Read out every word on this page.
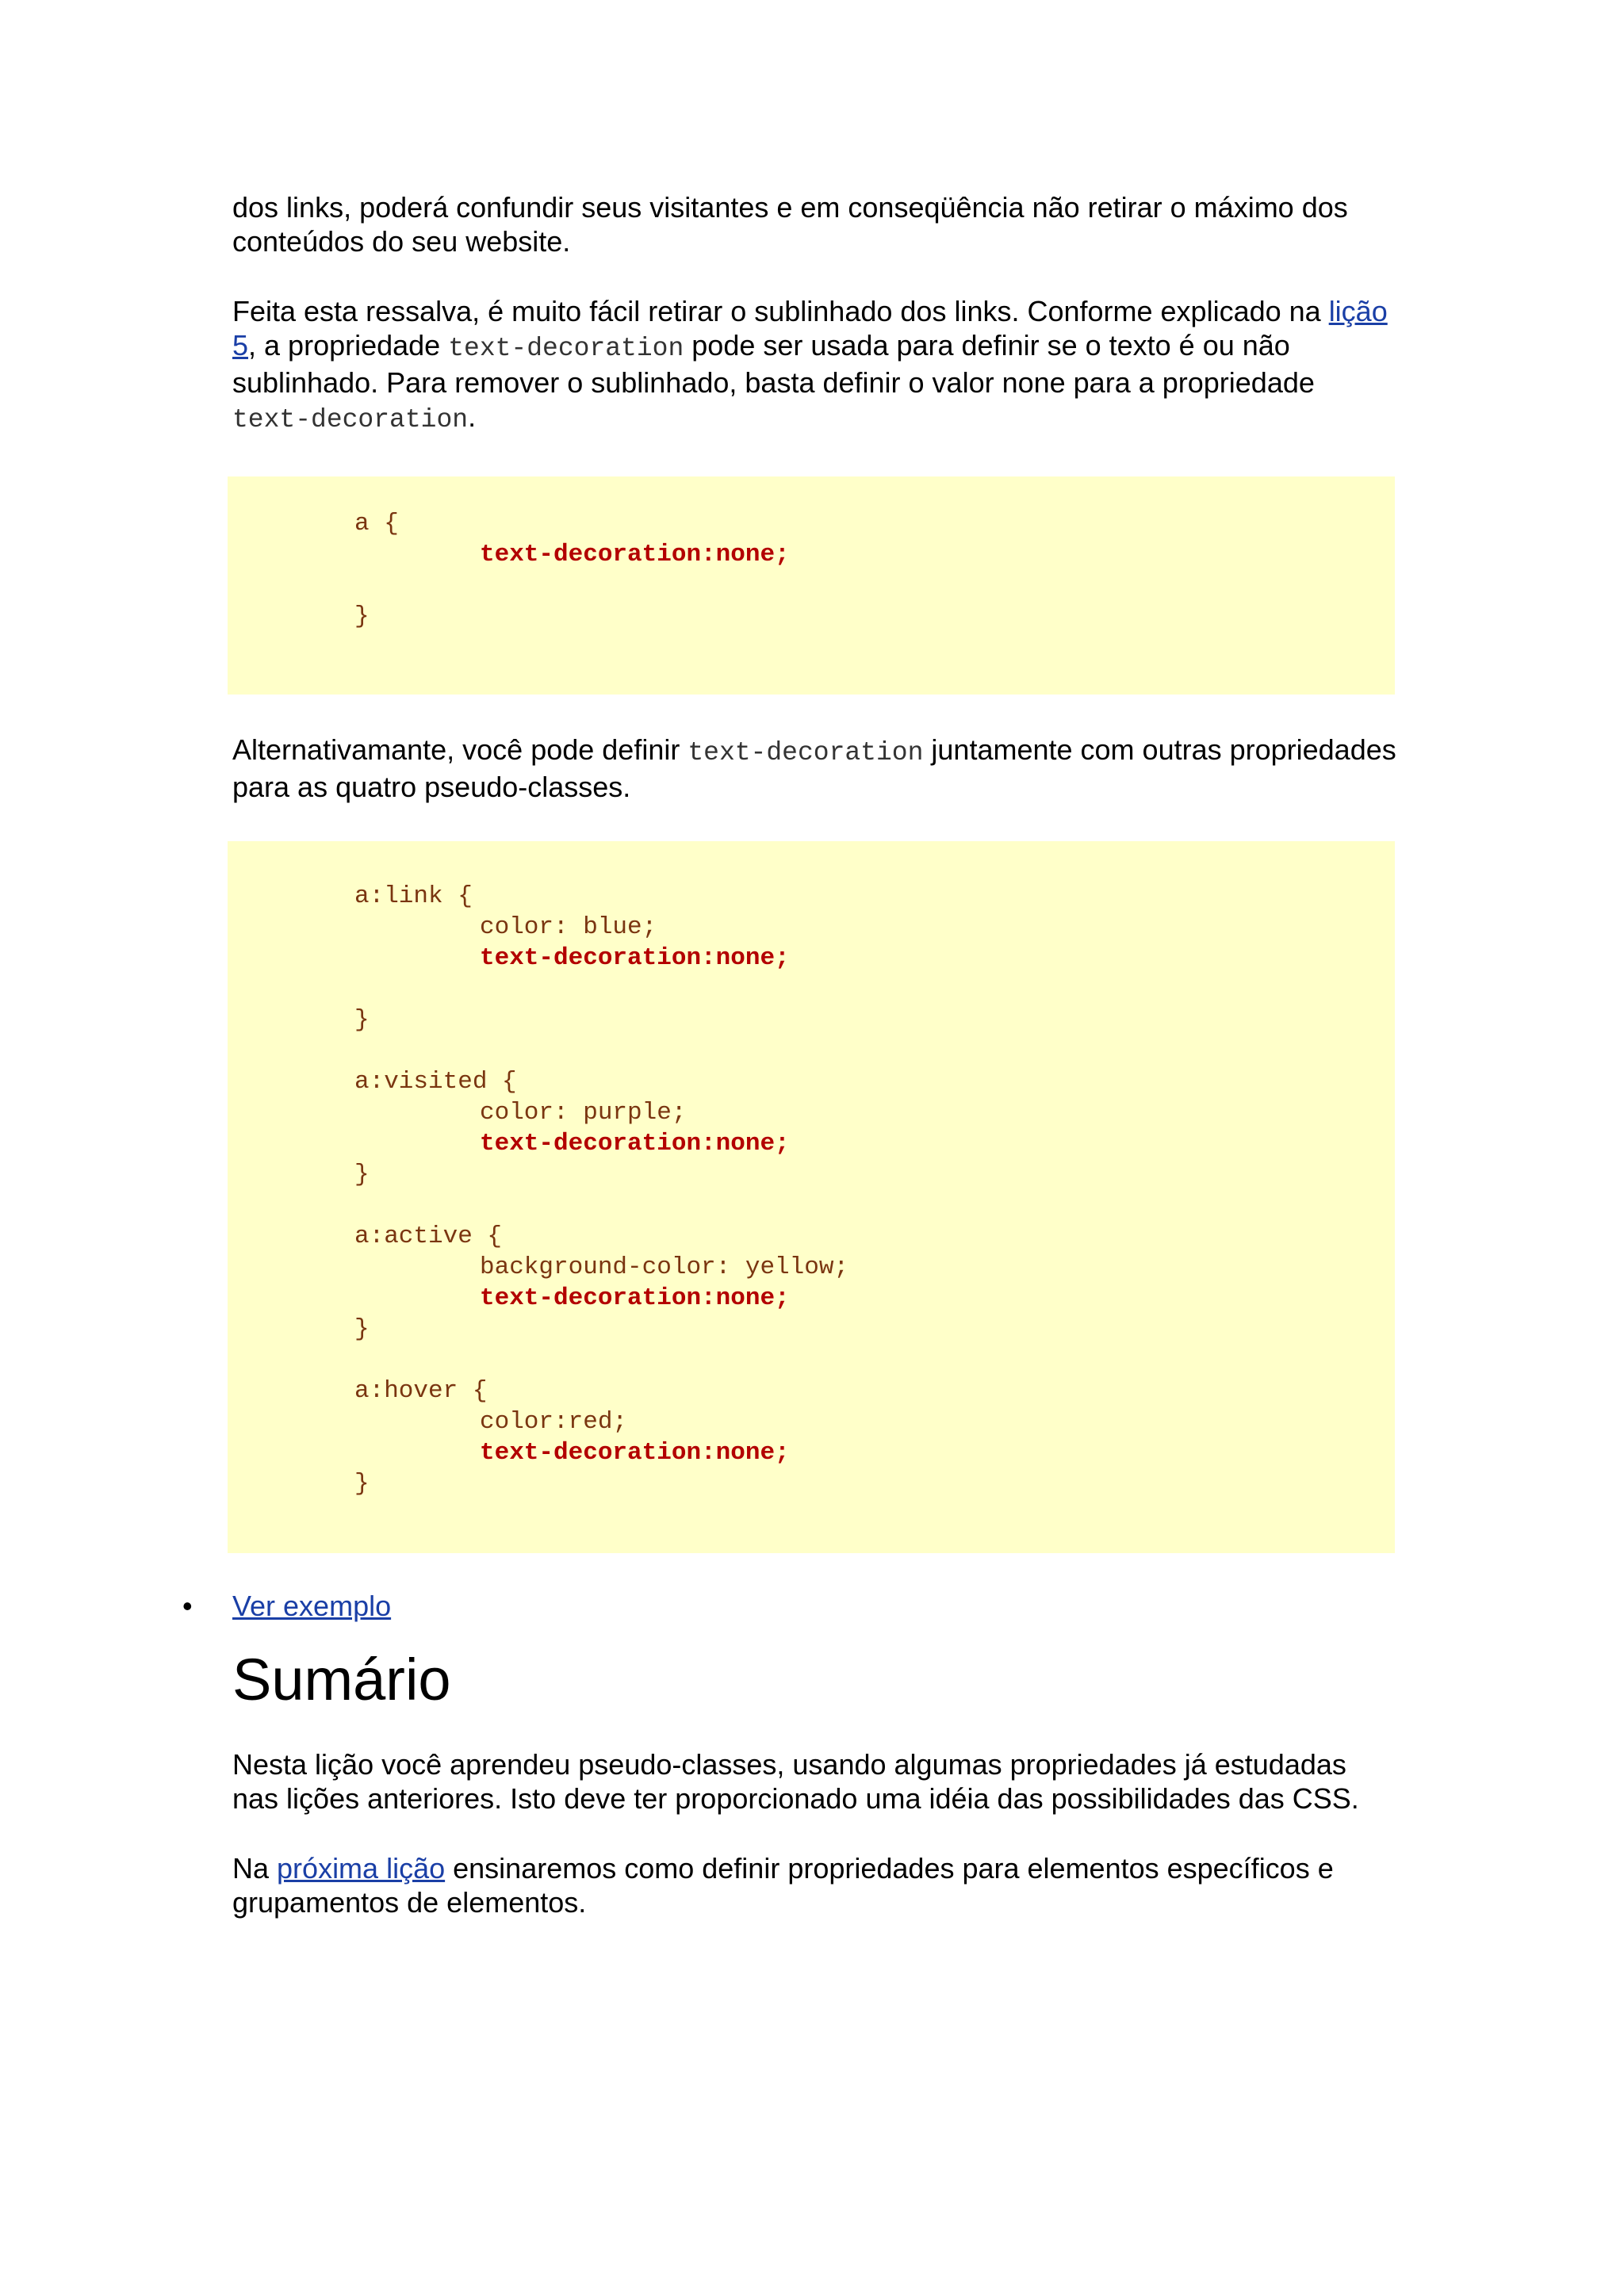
dos links, poderá confundir seus visitantes e em conseqüência não retirar o máximo dos conteúdos do seu website.

Feita esta ressalva, é muito fácil retirar o sublinhado dos links. Conforme explicado na lição 5, a propriedade text-decoration pode ser usada para definir se o texto é ou não sublinhado. Para remover o sublinhado, basta definir o valor none para a propriedade text-decoration.

a {
text-decoration:none;
}

Alternativamante, você pode definir text-decoration juntamente com outras propriedades para as quatro pseudo-classes.

a:link {
color: blue;
text-decoration:none;
}
a:visited {
color: purple;
text-decoration:none;
}
a:active {
background-color: yellow;
text-decoration:none;
}
a:hover {
color:red;
text-decoration:none;
}
• Ver exemplo
Sumário

Nesta lição você aprendeu pseudo-classes, usando algumas propriedades já estudadas nas lições anteriores. Isto deve ter proporcionado uma idéia das possibilidades das CSS.

Na próxima lição ensinaremos como definir propriedades para elementos específicos e grupamentos de elementos.
